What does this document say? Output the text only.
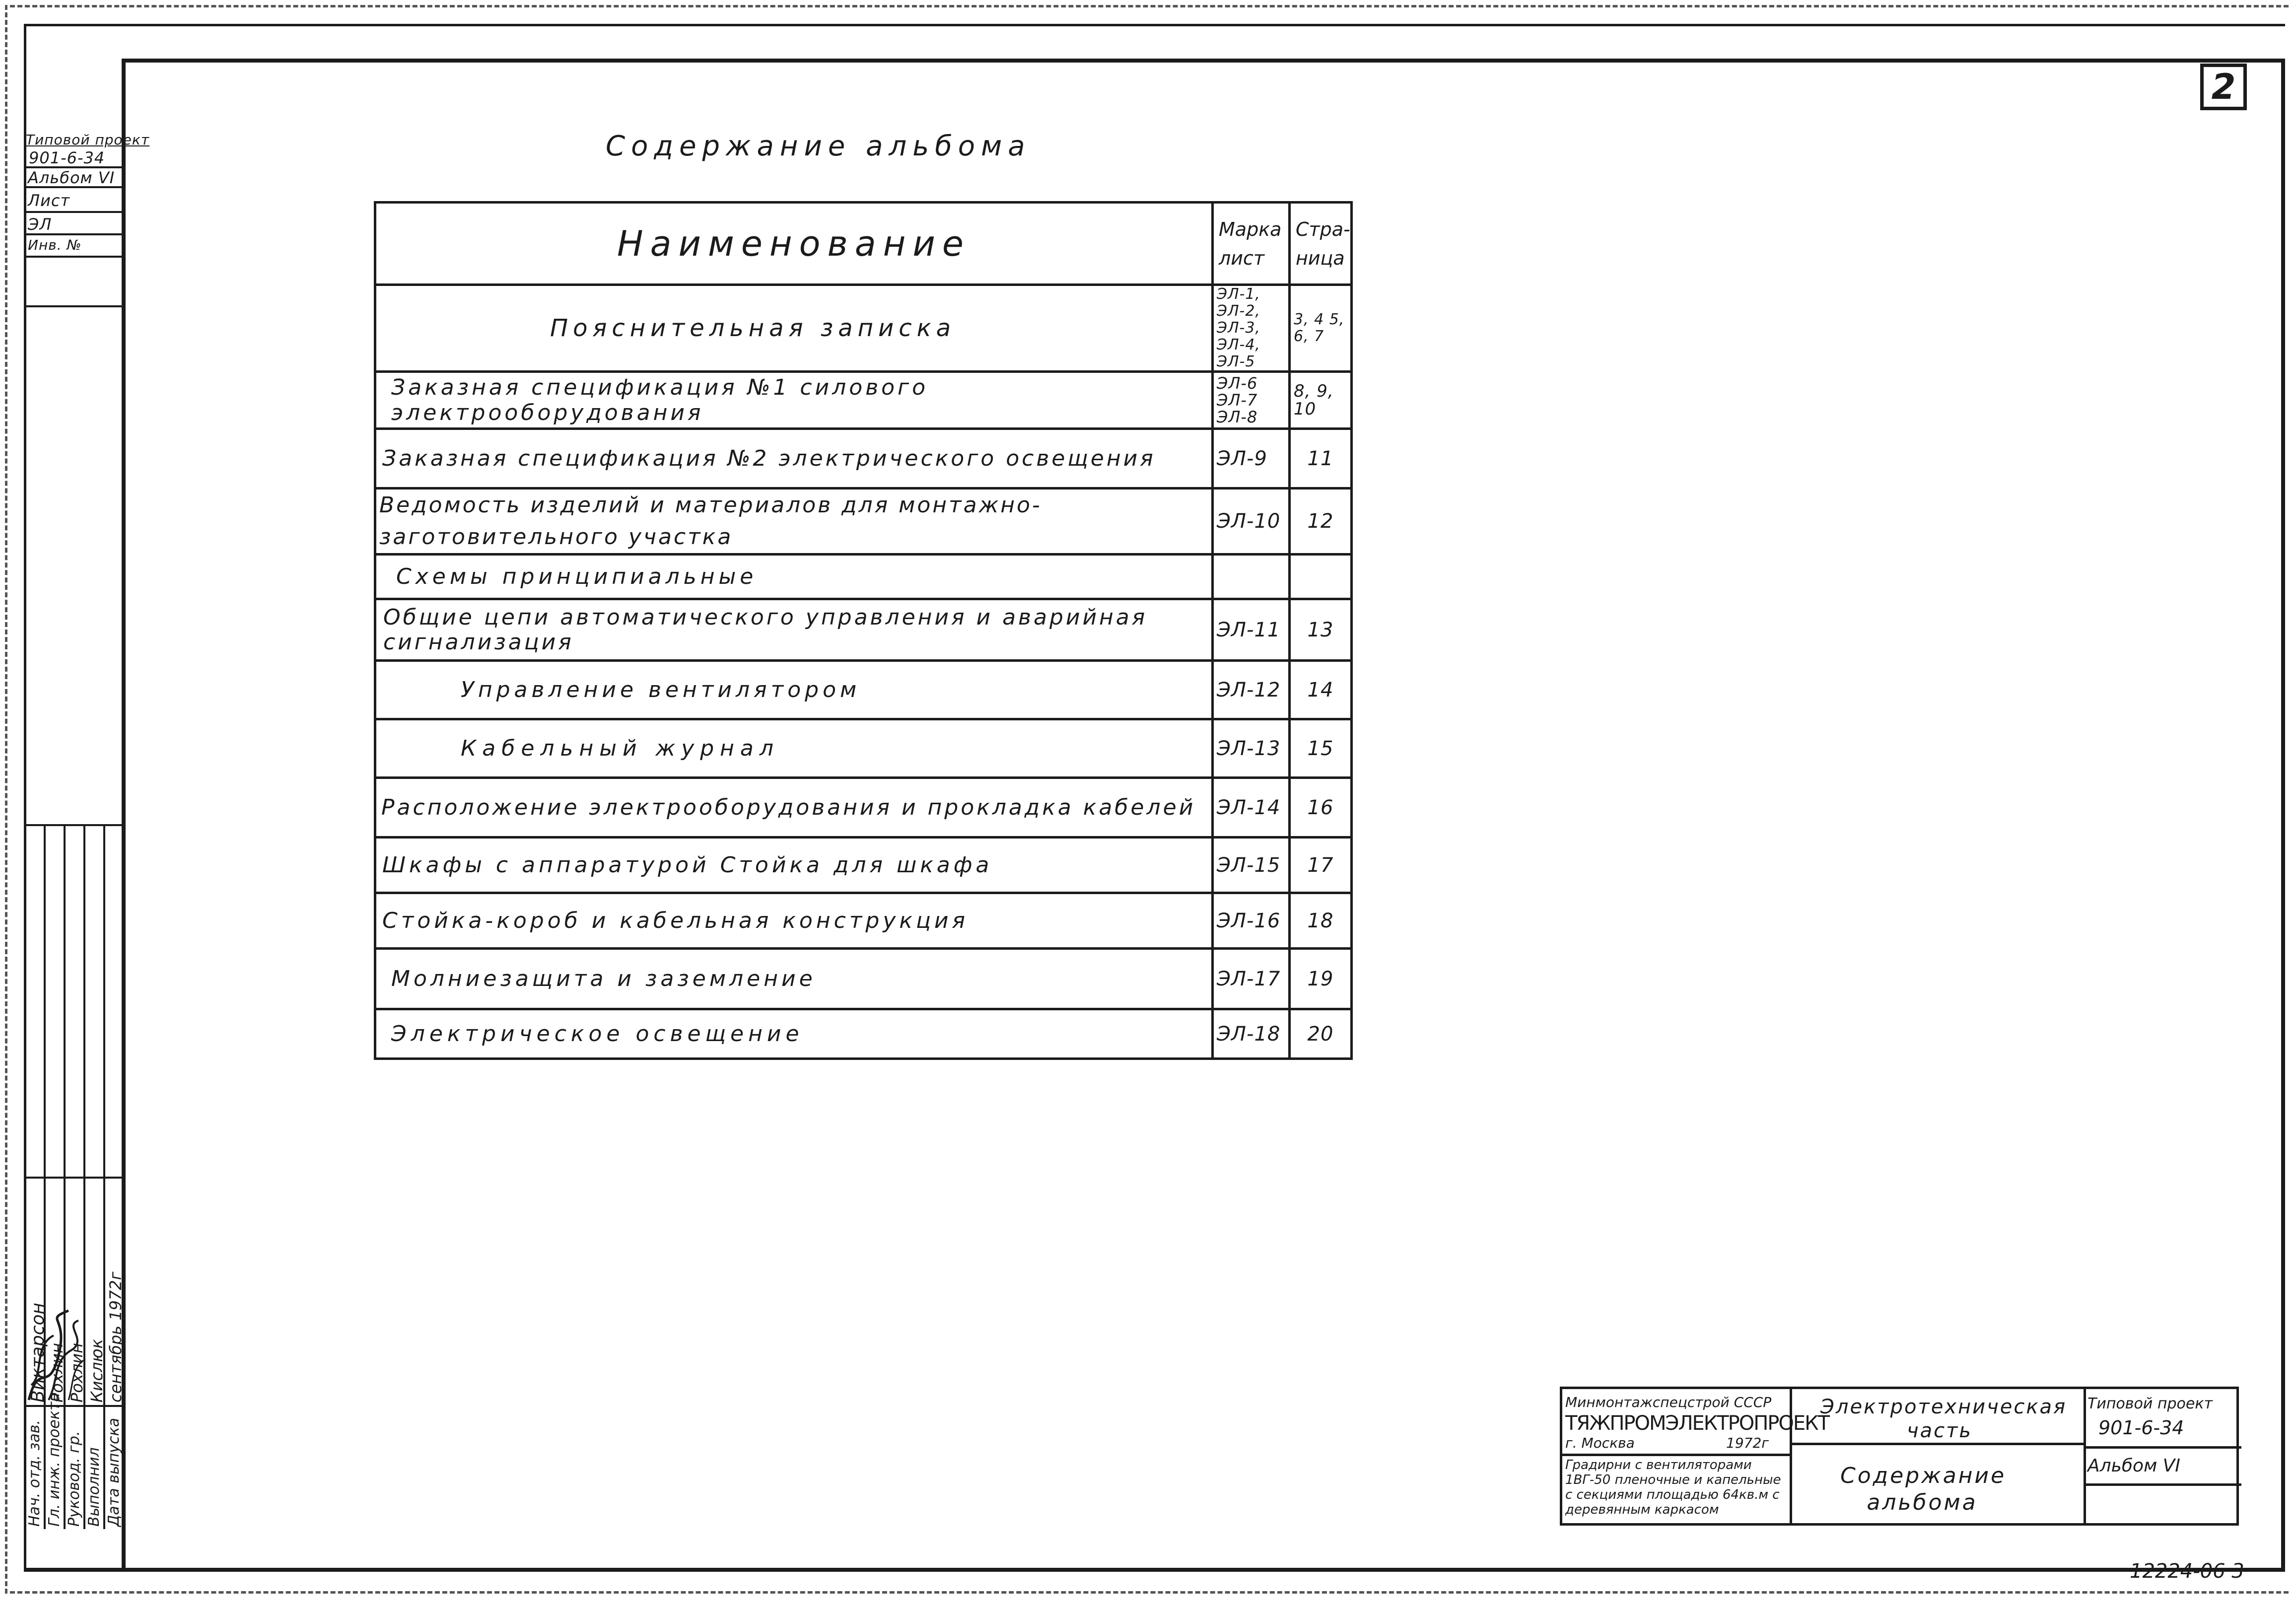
2
Типовой проект
901-6-34
Альбом VI
Лист
ЭЛ
Инв. №
Нач. отд. зав. Гл. инж. проекта Руковод. гр. Выполнил Дата выпуска
Виктарсон Рохлин Рохлин Кислюк сентябрь 1972г
Содержание альбома
Наименование	Марка лист	Стра- ница
Пояснительная записка	ЭЛ-1, ЭЛ-2, ЭЛ-3, ЭЛ-4, ЭЛ-5	3, 4 5, 6, 7
Заказная спецификация №1 силового электрооборудования	ЭЛ-6 ЭЛ-7 ЭЛ-8	8, 9, 10
Заказная спецификация №2 электрического освещения	ЭЛ-9	11
Ведомость изделий и материалов для монтажно-заготовительного участка	ЭЛ-10	12
Схемы принципиальные		
Общие цепи автоматического управления и аварийная сигнализация	ЭЛ-11	13
Управление вентилятором	ЭЛ-12	14
Кабельный журнал	ЭЛ-13	15
Расположение электрооборудования и прокладка кабелей	ЭЛ-14	16
Шкафы с аппаратурой Стойка для шкафа	ЭЛ-15	17
Стойка-короб и кабельная конструкция	ЭЛ-16	18
Молниезащита и заземление	ЭЛ-17	19
Электрическое освещение	ЭЛ-18	20
Минмонтажспецстрой СССР
ТЯЖПРОМЭЛЕКТРОПРОЕКТ
г. Москва	1972г
Градирни с вентиляторами 1ВГ-50 пленочные и капельные с секциями площадью 64кв.м с деревянным каркасом
Электротехническая часть
Содержание альбома
Типовой проект
901-6-34
Альбом VI
12224-06 3
